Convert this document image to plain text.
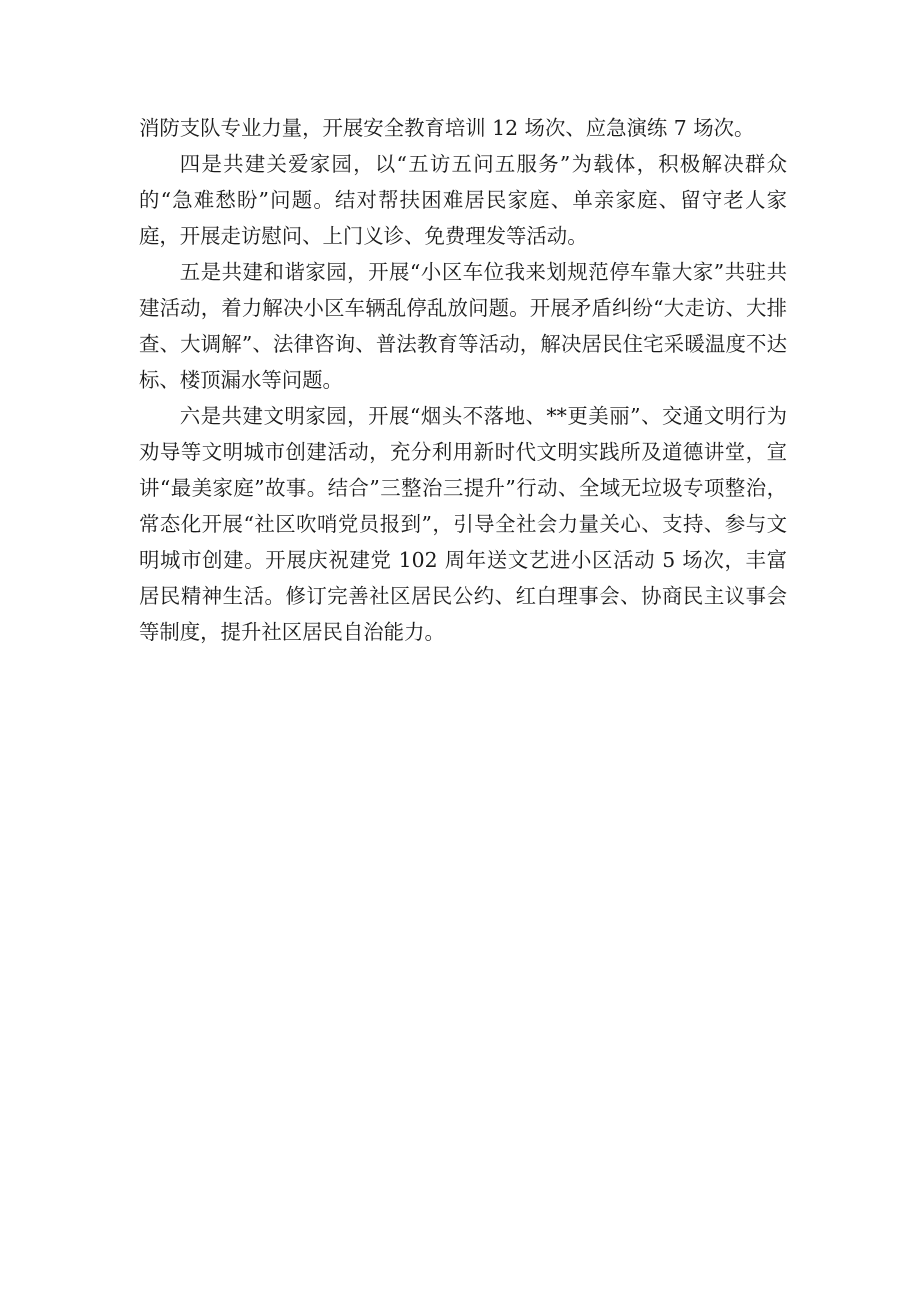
消防支队专业力量，开展安全教育培训 12 场次、应急演练 7 场次。

四是共建关爱家园，以“五访五问五服务”为载体，积极解决群众的“急难愁盼”问题。结对帮扶困难居民家庭、单亲家庭、留守老人家庭，开展走访慰问、上门义诊、免费理发等活动。

五是共建和谐家园，开展“小区车位我来划规范停车靠大家”共驻共建活动，着力解决小区车辆乱停乱放问题。开展矛盾纠纷“大走访、大排查、大调解”、法律咨询、普法教育等活动，解决居民住宅采暖温度不达标、楼顶漏水等问题。

六是共建文明家园，开展“烟头不落地、**更美丽”、交通文明行为劝导等文明城市创建活动，充分利用新时代文明实践所及道德讲堂，宣讲“最美家庭”故事。结合”三整治三提升”行动、全域无垃圾专项整治，常态化开展“社区吹哨党员报到”，引导全社会力量关心、支持、参与文明城市创建。开展庆祝建党 102 周年送文艺进小区活动 5 场次，丰富居民精神生活。修订完善社区居民公约、红白理事会、协商民主议事会等制度，提升社区居民自治能力。
